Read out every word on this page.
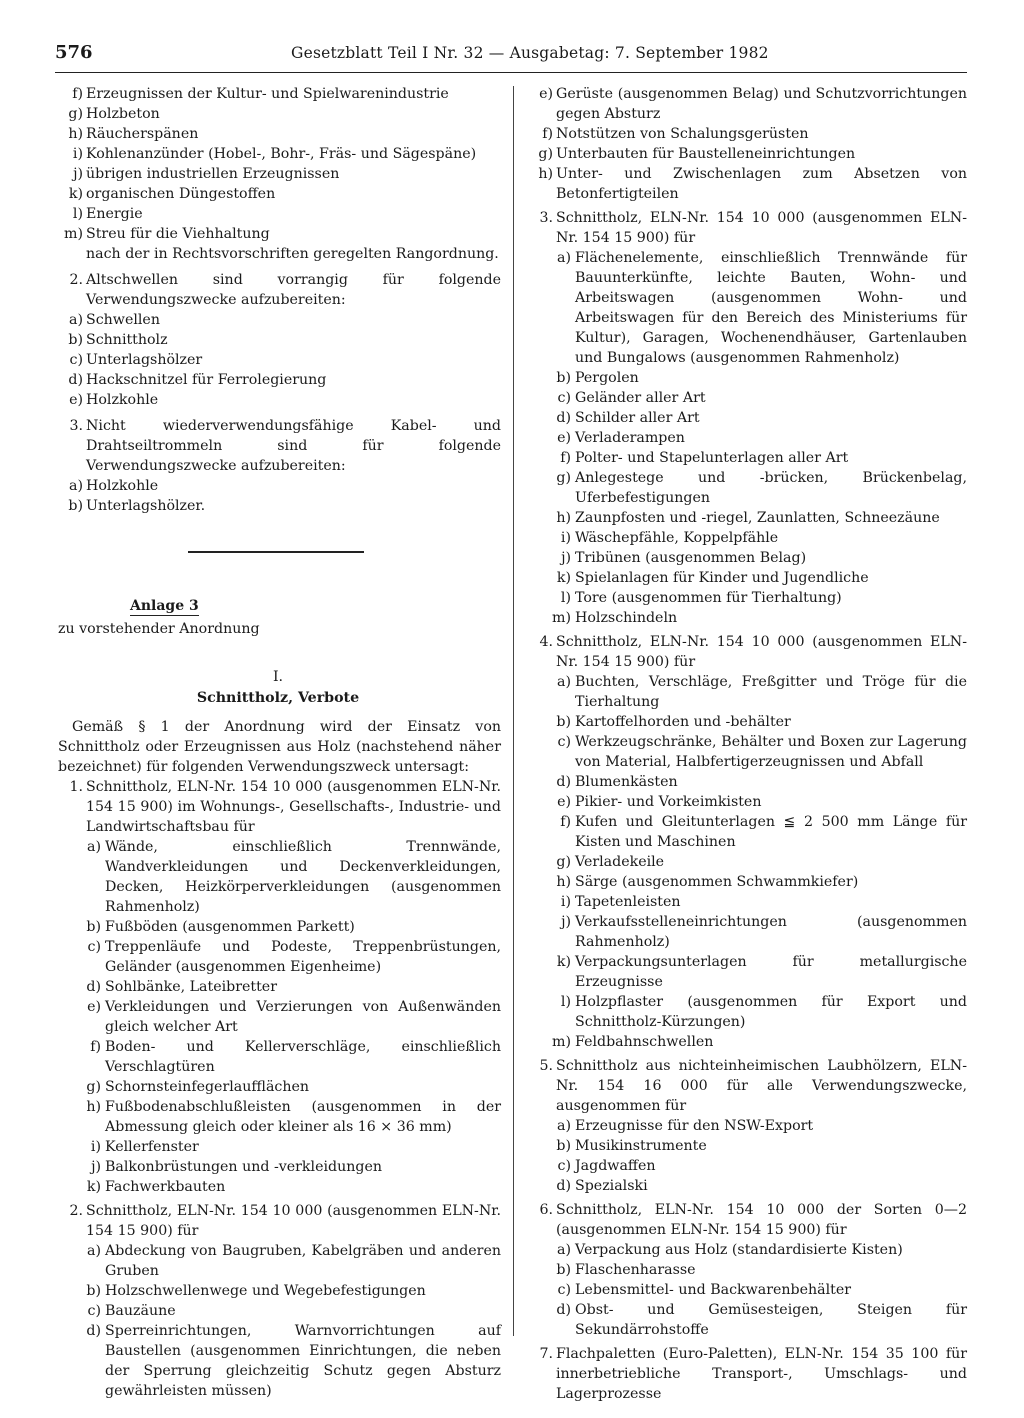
576	Gesetzblatt Teil I Nr. 32 — Ausgabetag: 7. September 1982
f) Erzeugnissen der Kultur- und Spielwarenindustrie
g) Holzbeton
h) Räucherspänen
i) Kohlenanzünder (Hobel-, Bohr-, Fräs- und Sägespäne)
j) übrigen industriellen Erzeugnissen
k) organischen Düngestoffen
l) Energie
m) Streu für die Viehhaltung
nach der in Rechtsvorschriften geregelten Rangordnung.
2. Altschwellen sind vorrangig für folgende Verwendungszwecke aufzubereiten:
a) Schwellen
b) Schnittholz
c) Unterlagshölzer
d) Hackschnitzel für Ferrolegierung
e) Holzkohle
3. Nicht wiederverwendungsfähige Kabel- und Drahtseiltrommeln sind für folgende Verwendungszwecke aufzubereiten:
a) Holzkohle
b) Unterlagshölzer.
Anlage 3
zu vorstehender Anordnung
I.
Schnittholz, Verbote
Gemäß § 1 der Anordnung wird der Einsatz von Schnittholz oder Erzeugnissen aus Holz (nachstehend näher bezeichnet) für folgenden Verwendungszweck untersagt:
1. Schnittholz, ELN-Nr. 154 10 000 (ausgenommen ELN-Nr. 154 15 900) im Wohnungs-, Gesellschafts-, Industrie- und Landwirtschaftsbau für
a) Wände, einschließlich Trennwände, Wandverkleidungen und Deckenverkleidungen, Decken, Heizkörperverkleidungen (ausgenommen Rahmenholz)
b) Fußböden (ausgenommen Parkett)
c) Treppenläufe und Podeste, Treppenbrüstungen, Geländer (ausgenommen Eigenheime)
d) Sohlbänke, Lateibretter
e) Verkleidungen und Verzierungen von Außenwänden gleich welcher Art
f) Boden- und Kellerverschläge, einschließlich Verschlagtüren
g) Schornsteinfegerlaufflächen
h) Fußbodenabschlußleisten (ausgenommen in der Abmessung gleich oder kleiner als 16 × 36 mm)
i) Kellerfenster
j) Balkonbrüstungen und -verkleidungen
k) Fachwerkbauten
2. Schnittholz, ELN-Nr. 154 10 000 (ausgenommen ELN-Nr. 154 15 900) für
a) Abdeckung von Baugruben, Kabelgräben und anderen Gruben
b) Holzschwellenwege und Wegebefestigungen
c) Bauzäune
d) Sperreinrichtungen, Warnvorrichtungen auf Baustellen (ausgenommen Einrichtungen, die neben der Sperrung gleichzeitig Schutz gegen Absturz gewährleisten müssen)
e) Gerüste (ausgenommen Belag) und Schutzvorrichtungen gegen Absturz
f) Notstützen von Schalungsgerüsten
g) Unterbauten für Baustelleneinrichtungen
h) Unter- und Zwischenlagen zum Absetzen von Betonfertigteilen
3. Schnittholz, ELN-Nr. 154 10 000 (ausgenommen ELN-Nr. 154 15 900) für
a) Flächenelemente, einschließlich Trennwände für Bauunterkünfte, leichte Bauten, Wohn- und Arbeitswagen (ausgenommen Wohn- und Arbeitswagen für den Bereich des Ministeriums für Kultur), Garagen, Wochenendhäuser, Gartenlauben und Bungalows (ausgenommen Rahmenholz)
b) Pergolen
c) Geländer aller Art
d) Schilder aller Art
e) Verladerampen
f) Polter- und Stapelunterlagen aller Art
g) Anlegestege und -brücken, Brückenbelag, Uferbefestigungen
h) Zaunpfosten und -riegel, Zaunlatten, Schneezäune
i) Wäschepfähle, Koppelpfähle
j) Tribünen (ausgenommen Belag)
k) Spielanlagen für Kinder und Jugendliche
l) Tore (ausgenommen für Tierhaltung)
m) Holzschindeln
4. Schnittholz, ELN-Nr. 154 10 000 (ausgenommen ELN-Nr. 154 15 900) für
a) Buchten, Verschläge, Freßgitter und Tröge für die Tierhaltung
b) Kartoffelhorden und -behälter
c) Werkzeugschränke, Behälter und Boxen zur Lagerung von Material, Halbfertigerzeugnissen und Abfall
d) Blumenkästen
e) Pikier- und Vorkeimkisten
f) Kufen und Gleitunterlagen ≦ 2 500 mm Länge für Kisten und Maschinen
g) Verladekeile
h) Särge (ausgenommen Schwammkiefer)
i) Tapetenleisten
j) Verkaufsstelleneinrichtungen (ausgenommen Rahmenholz)
k) Verpackungsunterlagen für metallurgische Erzeugnisse
l) Holzpflaster (ausgenommen für Export und Schnittholz-Kürzungen)
m) Feldbahnschwellen
5. Schnittholz aus nichteinheimischen Laubhölzern, ELN-Nr. 154 16 000 für alle Verwendungszwecke, ausgenommen für
a) Erzeugnisse für den NSW-Export
b) Musikinstrumente
c) Jagdwaffen
d) Spezialski
6. Schnittholz, ELN-Nr. 154 10 000 der Sorten 0—2 (ausgenommen ELN-Nr. 154 15 900) für
a) Verpackung aus Holz (standardisierte Kisten)
b) Flaschenharasse
c) Lebensmittel- und Backwarenbehälter
d) Obst- und Gemüsesteigen, Steigen für Sekundärrohstoffe
7. Flachpaletten (Euro-Paletten), ELN-Nr. 154 35 100 für innerbetriebliche Transport-, Umschlags- und Lagerprozesse
